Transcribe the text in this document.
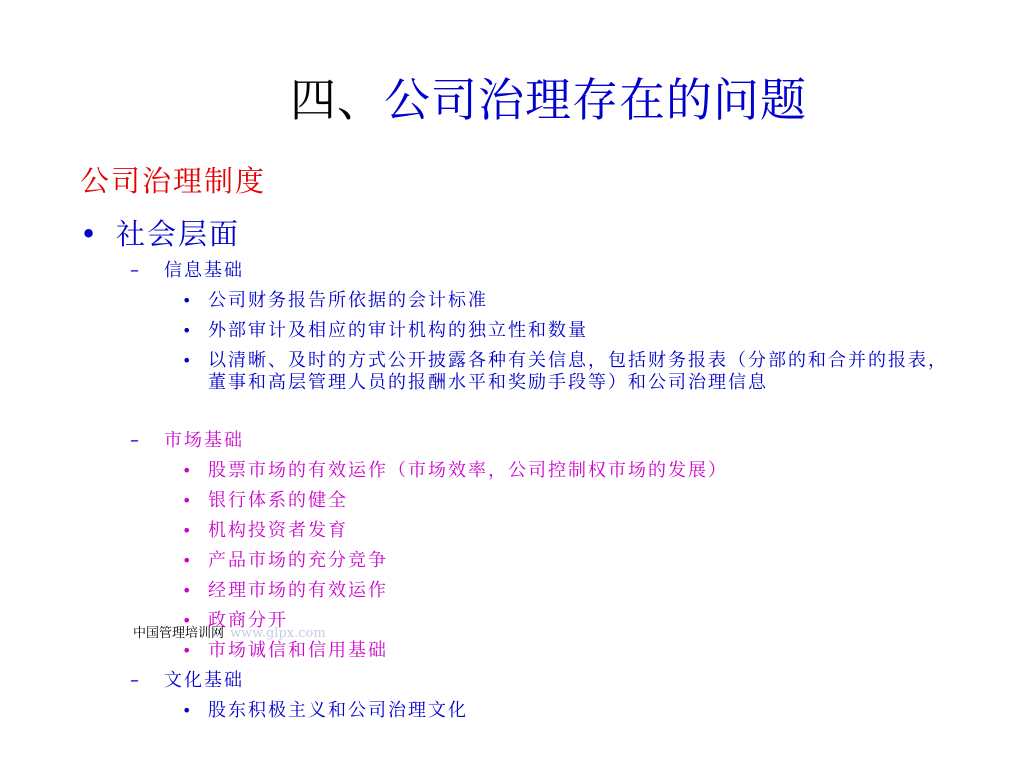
四、公司治理存在的问题
公司治理制度
• 社会层面
– 信息基础
• 公司财务报告所依据的会计标准
• 外部审计及相应的审计机构的独立性和数量
• 以清晰、及时的方式公开披露各种有关信息，包括财务报表（分部的和合并的报表，董事和高层管理人员的报酬水平和奖励手段等）和公司治理信息
– 市场基础
• 股票市场的有效运作（市场效率，公司控制权市场的发展）
• 银行体系的健全
• 机构投资者发育
• 产品市场的充分竞争
• 经理市场的有效运作
• 政商分开
• 市场诚信和信用基础
– 文化基础
• 股东积极主义和公司治理文化
中国管理培训网 www.glpx.com
